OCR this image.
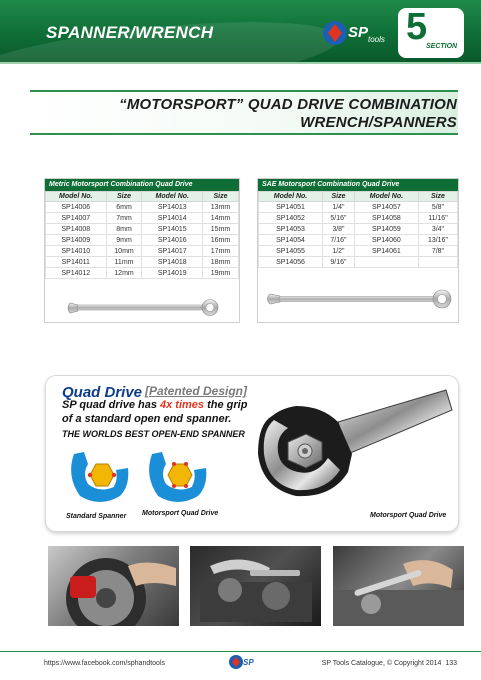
SPANNER/WRENCH	SP tools 5
SECTION
“MOTORSPORT” QUAD DRIVE COMBINATION
WRENCH/SPANNERS
Metric Motorsport Combination Quad Drive
Model No.	Size	Model No.	Size
SP14006	6mm	SP14013	13mm
SP14007	7mm	SP14014	14mm
SP14008	8mm	SP14015	15mm
SP14009	9mm	SP14016	16mm
SP14010	10mm	SP14017	17mm
SP14011	11mm	SP14018	18mm
SP14012	12mm	SP14019	19mm
SAE Motorsport Combination Quad Drive
Model No.	Size	Model No.	Size
SP14051	1/4"	SP14057	5/8"
SP14052	5/16"	SP14058	11/16"
SP14053	3/8"	SP14059	3/4"
SP14054	7/16"	SP14060	13/16"
SP14055	1/2"	SP14061	7/8"
SP14056	9/16"		
Quad Drive [Patented Design]
SP quad drive has 4x times the grip
of a standard open end spanner.
THE WORLDS BEST OPEN-END SPANNER
Standard Spanner Motorsport Quad Drive	Motorsport Quad Drive
https://www.facebook.com/sphandtools	SP	SP Tools Catalogue, © Copyright 2014 133
